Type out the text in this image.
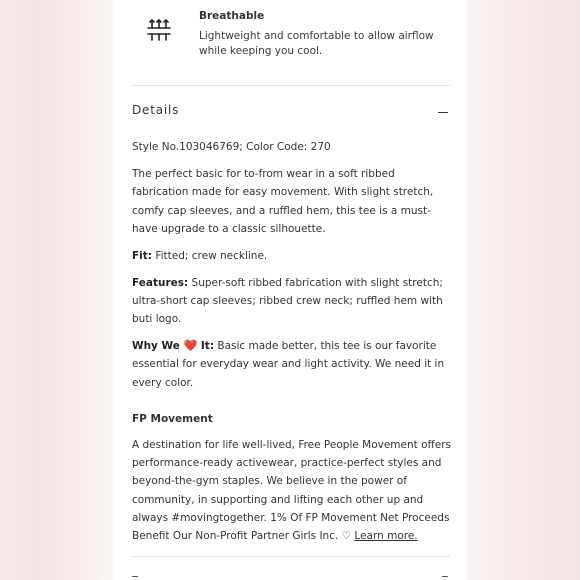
Breathable
Lightweight and comfortable to allow airflow while keeping you cool.
Details

Style No.103046769; Color Code: 270

The perfect basic for to-from wear in a soft ribbed fabrication made for easy movement. With slight stretch, comfy cap sleeves, and a ruffled hem, this tee is a must-have upgrade to a classic silhouette.

Fit: Fitted; crew neckline.

Features: Super-soft ribbed fabrication with slight stretch; ultra-short cap sleeves; ribbed crew neck; ruffled hem with buti logo.

Why We ❤️ It: Basic made better, this tee is our favorite essential for everyday wear and light activity. We need it in every color.

FP Movement

A destination for life well-lived, Free People Movement offers performance-ready activewear, practice-perfect styles and beyond-the-gym staples. We believe in the power of community, in supporting and lifting each other up and always #movingtogether. 1% Of FP Movement Net Proceeds Benefit Our Non-Profit Partner Girls Inc. ♡ Learn more.
